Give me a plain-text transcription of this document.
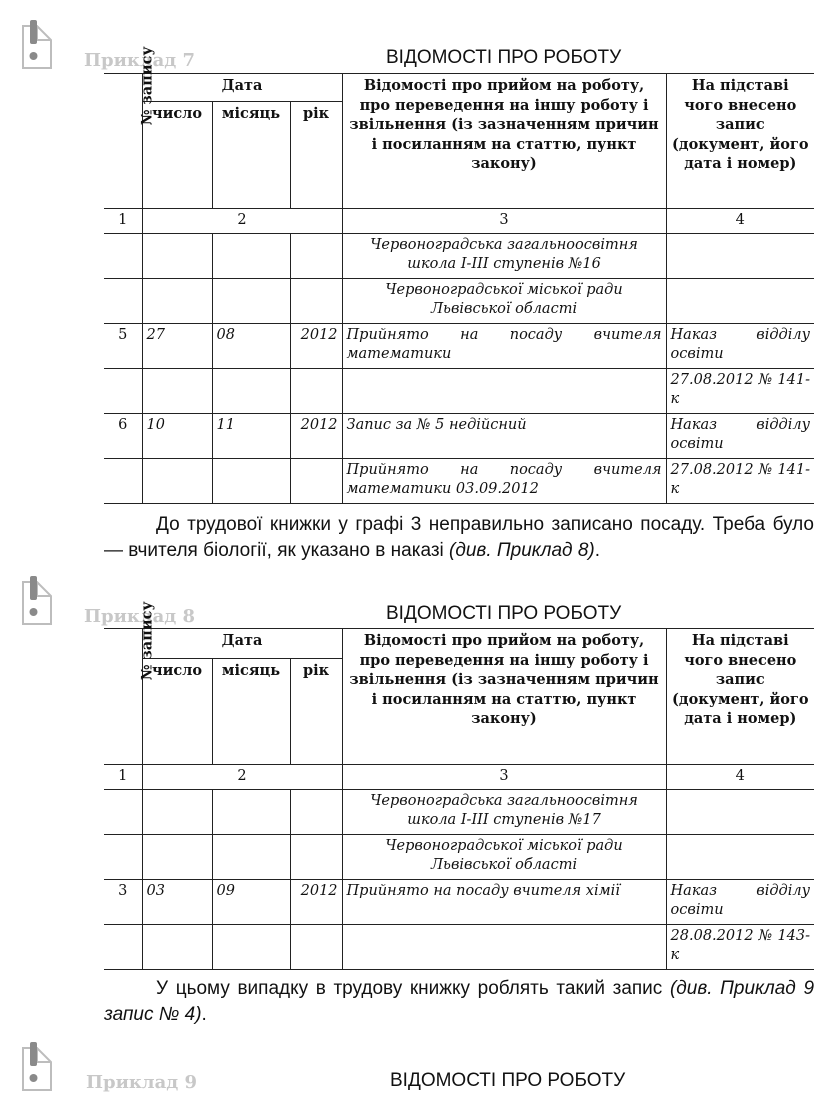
Приклад 7	ВІДОМОСТІ ПРО РОБОТУ
№ запису	Дата			Відомості про прийом на роботу, про переведення на іншу роботу і звільнення (із зазначенням причин і посиланням на статтю, пункт закону)	На підставі чого внесено запис (документ, його дата і номер)
	число	місяць	рік		
1	2			3	4
				Червоноградська загальноосвітня школа I-III ступенів №16	
				Червоноградської міської ради Львівської області	
5	27	08	2012	Прийнято на посаду вчителя математики	Наказ відділу освіти
					27.08.2012 № 141-к
6	10	11	2012	Запис за № 5 недійсний	Наказ відділу освіти
				Прийнято на посаду вчителя математики 03.09.2012	27.08.2012 № 141-к

До трудової книжки у графі 3 неправильно записано посаду. Треба було — вчителя біології, як указано в наказі (див. Приклад 8).

Приклад 8	ВІДОМОСТІ ПРО РОБОТУ
№ запису	Дата			Відомості про прийом на роботу, про переведення на іншу роботу і звільнення (із зазначенням причин і посиланням на статтю, пункт закону)	На підставі чого внесено запис (документ, його дата і номер)
	число	місяць	рік		
1	2			3	4
				Червоноградська загальноосвітня школа I-III ступенів №17	
				Червоноградської міської ради Львівської області	
3	03	09	2012	Прийнято на посаду вчителя хімії	Наказ відділу освіти
					28.08.2012 № 143-к

У цьому випадку в трудову книжку роблять такий запис (див. Приклад 9 запис № 4).

Приклад 9	ВІДОМОСТІ ПРО РОБОТУ
